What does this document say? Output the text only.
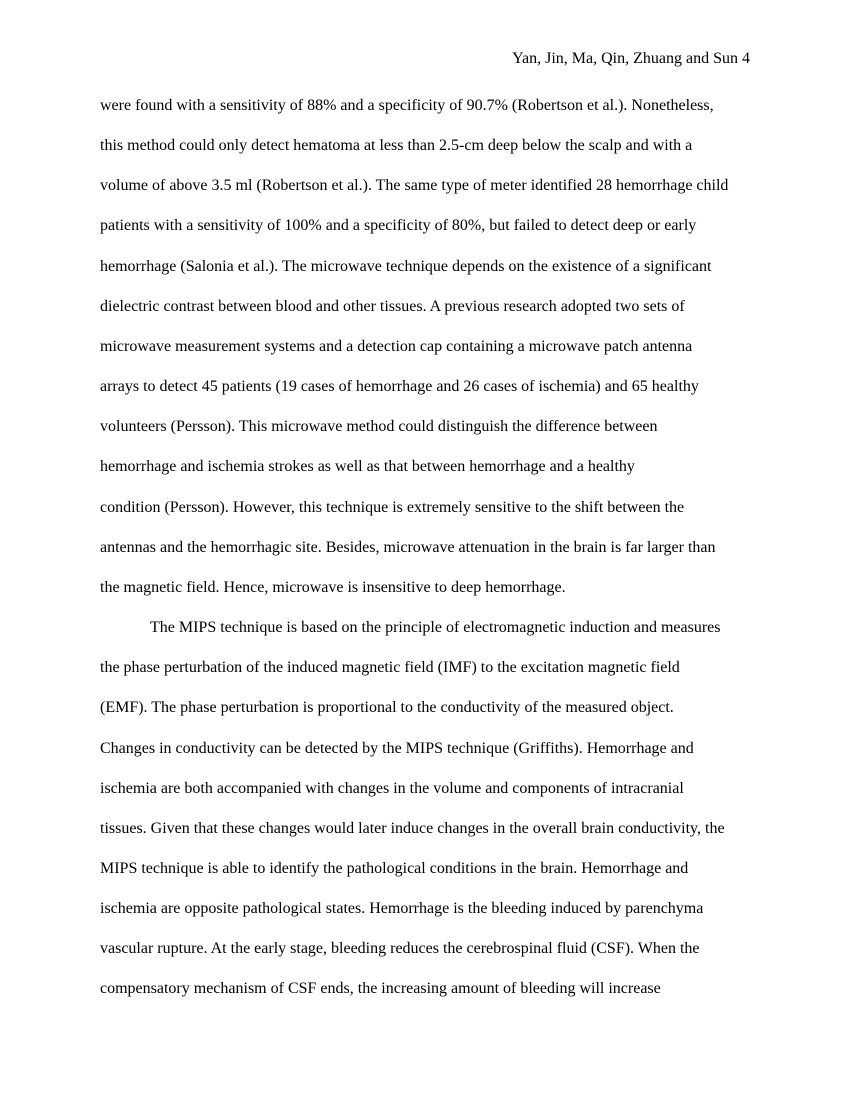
Yan, Jin, Ma, Qin, Zhuang and Sun 4
were found with a sensitivity of 88% and a specificity of 90.7% (Robertson et al.). Nonetheless,
this method could only detect hematoma at less than 2.5-cm deep below the scalp and with a
volume of above 3.5 ml (Robertson et al.). The same type of meter identified 28 hemorrhage child
patients with a sensitivity of 100% and a specificity of 80%, but failed to detect deep or early
hemorrhage (Salonia et al.). The microwave technique depends on the existence of a significant
dielectric contrast between blood and other tissues. A previous research adopted two sets of
microwave measurement systems and a detection cap containing a microwave patch antenna
arrays to detect 45 patients (19 cases of hemorrhage and 26 cases of ischemia) and 65 healthy
volunteers (Persson). This microwave method could distinguish the difference between
hemorrhage and ischemia strokes as well as that between hemorrhage and a healthy
condition (Persson). However, this technique is extremely sensitive to the shift between the
antennas and the hemorrhagic site. Besides, microwave attenuation in the brain is far larger than
the magnetic field. Hence, microwave is insensitive to deep hemorrhage.
The MIPS technique is based on the principle of electromagnetic induction and measures
the phase perturbation of the induced magnetic field (IMF) to the excitation magnetic field
(EMF). The phase perturbation is proportional to the conductivity of the measured object.
Changes in conductivity can be detected by the MIPS technique (Griffiths). Hemorrhage and
ischemia are both accompanied with changes in the volume and components of intracranial
tissues. Given that these changes would later induce changes in the overall brain conductivity, the
MIPS technique is able to identify the pathological conditions in the brain. Hemorrhage and
ischemia are opposite pathological states. Hemorrhage is the bleeding induced by parenchyma
vascular rupture. At the early stage, bleeding reduces the cerebrospinal fluid (CSF). When the
compensatory mechanism of CSF ends, the increasing amount of bleeding will increase
